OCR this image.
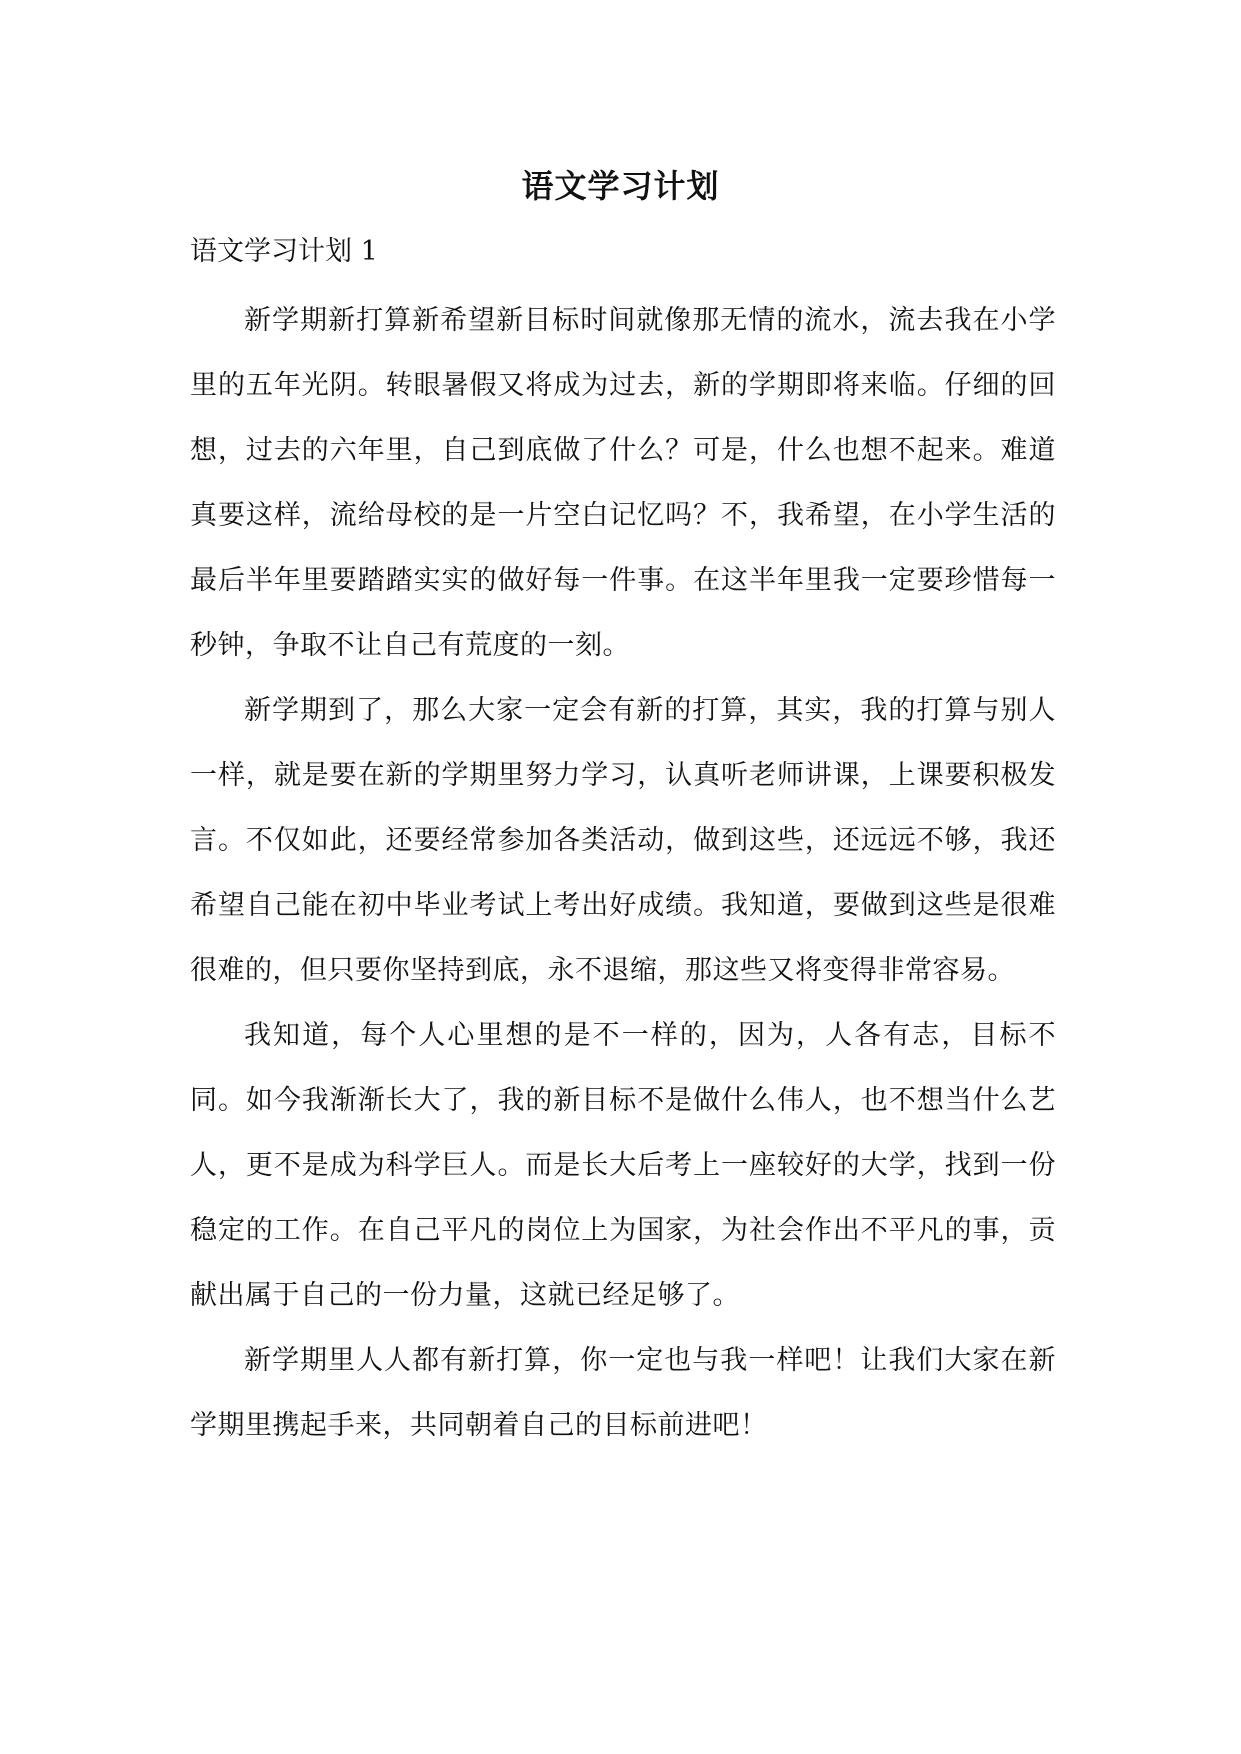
语文学习计划

语文学习计划 1

新学期新打算新希望新目标时间就像那无情的流水，流去我在小学里的五年光阴。转眼暑假又将成为过去，新的学期即将来临。仔细的回想，过去的六年里，自己到底做了什么？可是，什么也想不起来。难道真要这样，流给母校的是一片空白记忆吗？不，我希望，在小学生活的最后半年里要踏踏实实的做好每一件事。在这半年里我一定要珍惜每一秒钟，争取不让自己有荒度的一刻。

新学期到了，那么大家一定会有新的打算，其实，我的打算与别人一样，就是要在新的学期里努力学习，认真听老师讲课，上课要积极发言。不仅如此，还要经常参加各类活动，做到这些，还远远不够，我还希望自己能在初中毕业考试上考出好成绩。我知道，要做到这些是很难很难的，但只要你坚持到底，永不退缩，那这些又将变得非常容易。

我知道，每个人心里想的是不一样的，因为，人各有志，目标不同。如今我渐渐长大了，我的新目标不是做什么伟人，也不想当什么艺人，更不是成为科学巨人。而是长大后考上一座较好的大学，找到一份稳定的工作。在自己平凡的岗位上为国家，为社会作出不平凡的事，贡献出属于自己的一份力量，这就已经足够了。

新学期里人人都有新打算，你一定也与我一样吧！让我们大家在新学期里携起手来，共同朝着自己的目标前进吧！
